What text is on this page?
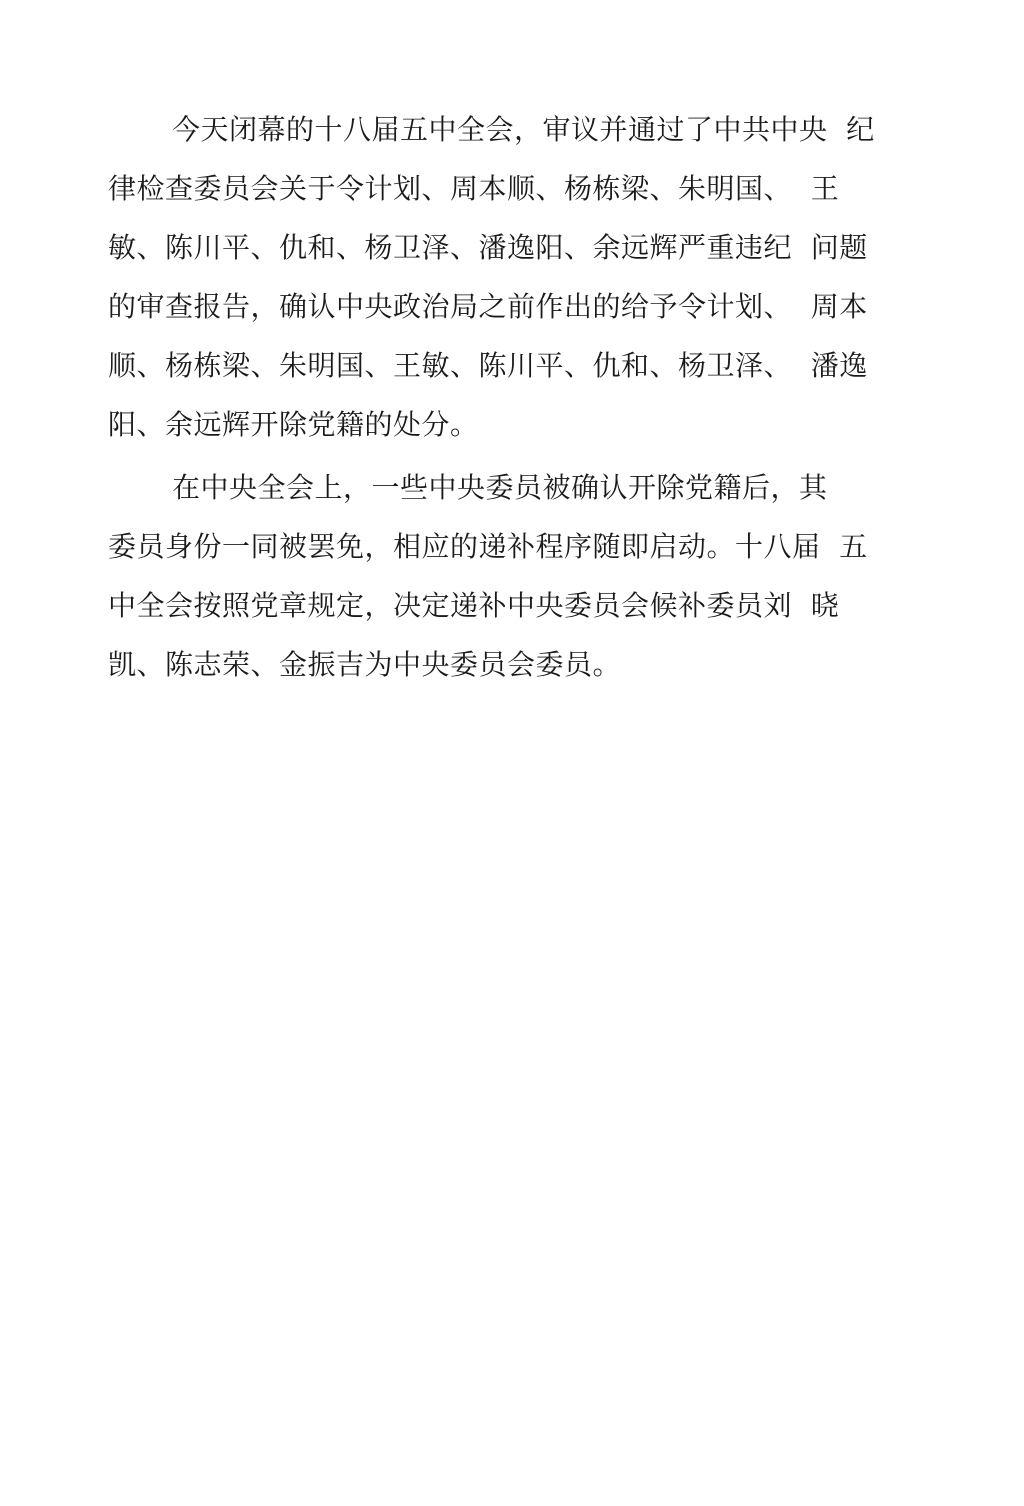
今天闭幕的十八届五中全会，审议并通过了中共中央  纪
律检查委员会关于令计划、周本顺、杨栋梁、朱明国、  王
敏、陈川平、仇和、杨卫泽、潘逸阳、余远辉严重违纪  问题
的审查报告，确认中央政治局之前作出的给予令计划、  周本
顺、杨栋梁、朱明国、王敏、陈川平、仇和、杨卫泽、  潘逸
阳、余远辉开除党籍的处分。
在中央全会上，一些中央委员被确认开除党籍后，其
委员身份一同被罢免，相应的递补程序随即启动。十八届  五
中全会按照党章规定，决定递补中央委员会候补委员刘  晓
凯、陈志荣、金振吉为中央委员会委员。
